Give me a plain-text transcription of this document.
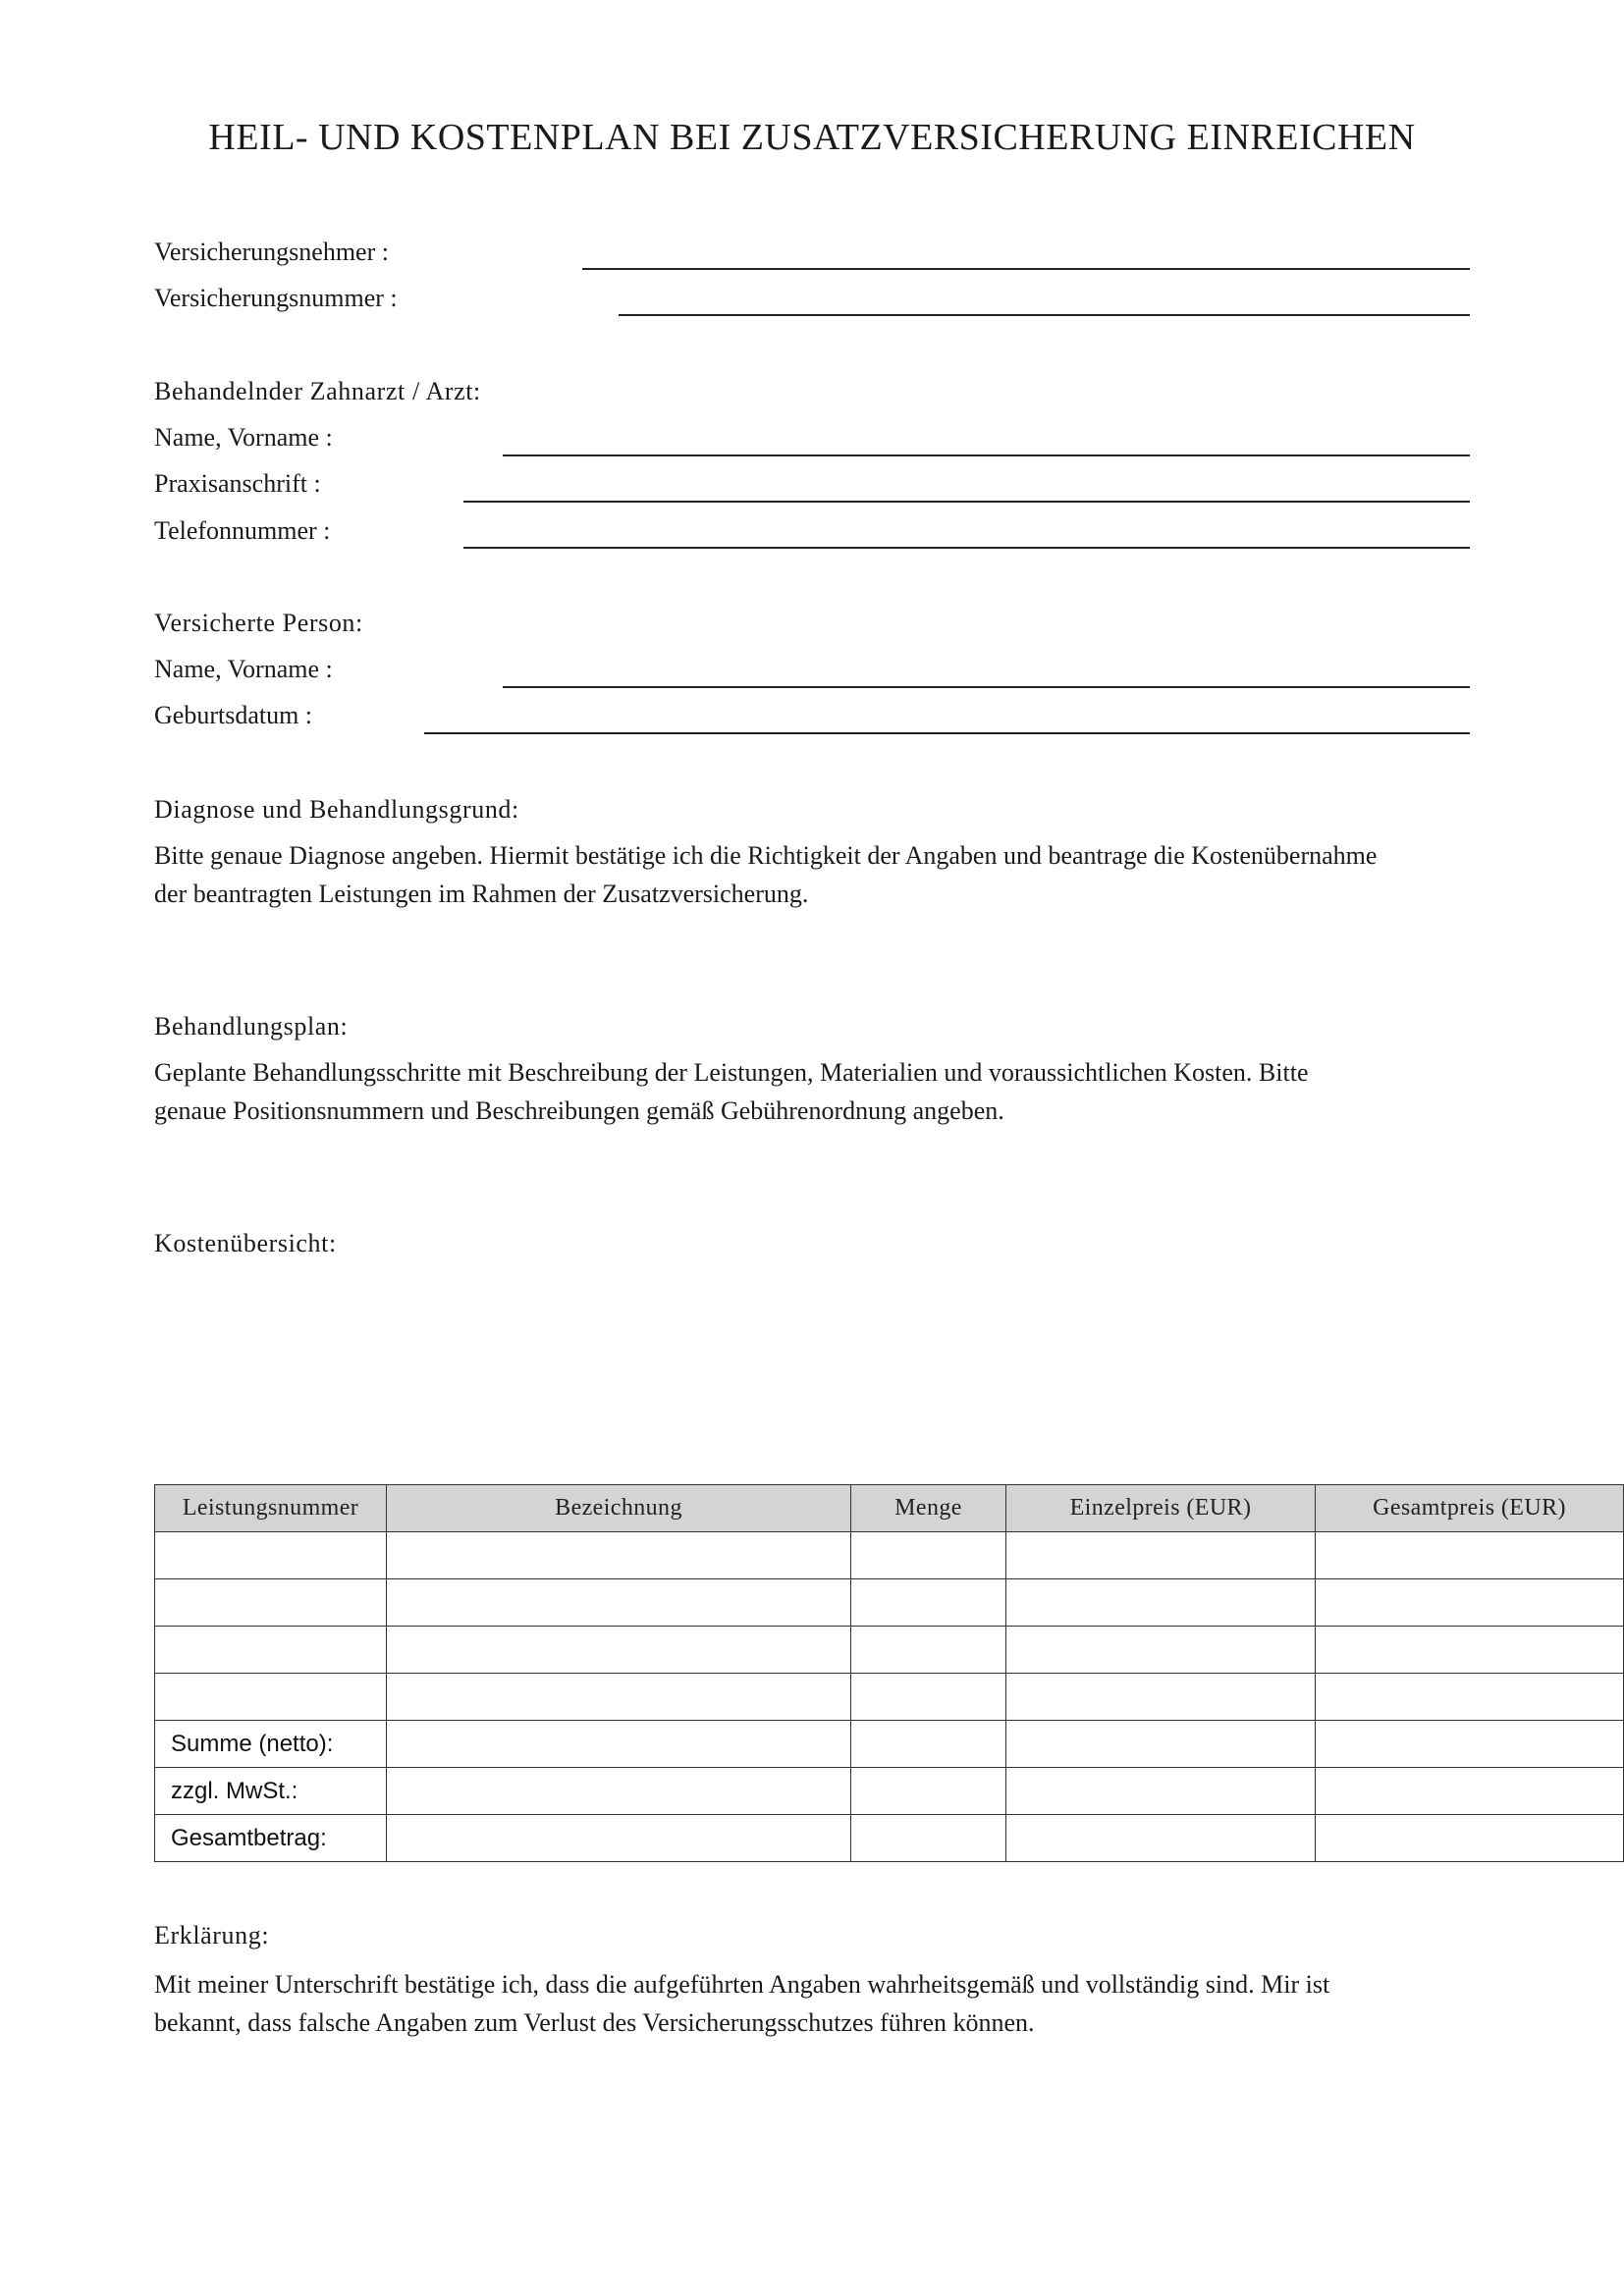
HEIL- UND KOSTENPLAN BEI ZUSATZVERSICHERUNG EINREICHEN
Versicherungsnehmer :
Versicherungsnummer :
Behandelnder Zahnarzt / Arzt:
Name, Vorname :
Praxisanschrift :
Telefonnummer :
Versicherte Person:
Name, Vorname :
Geburtsdatum :
Diagnose und Behandlungsgrund:
Bitte genaue Diagnose angeben. Hiermit bestätige ich die Richtigkeit der Angaben und beantrage die Kostenübernahme
der beantragten Leistungen im Rahmen der Zusatzversicherung.
Behandlungsplan:
Geplante Behandlungsschritte mit Beschreibung der Leistungen, Materialien und voraussichtlichen Kosten. Bitte
genaue Positionsnummern und Beschreibungen gemäß Gebührenordnung angeben.
Kostenübersicht:
Leistungsnummer	Bezeichnung	Menge	Einzelpreis (EUR)	Gesamtpreis (EUR)

Summe (netto):				
zzgl. MwSt.:				
Gesamtbetrag:				
Erklärung:
Mit meiner Unterschrift bestätige ich, dass die aufgeführten Angaben wahrheitsgemäß und vollständig sind. Mir ist
bekannt, dass falsche Angaben zum Verlust des Versicherungsschutzes führen können.
